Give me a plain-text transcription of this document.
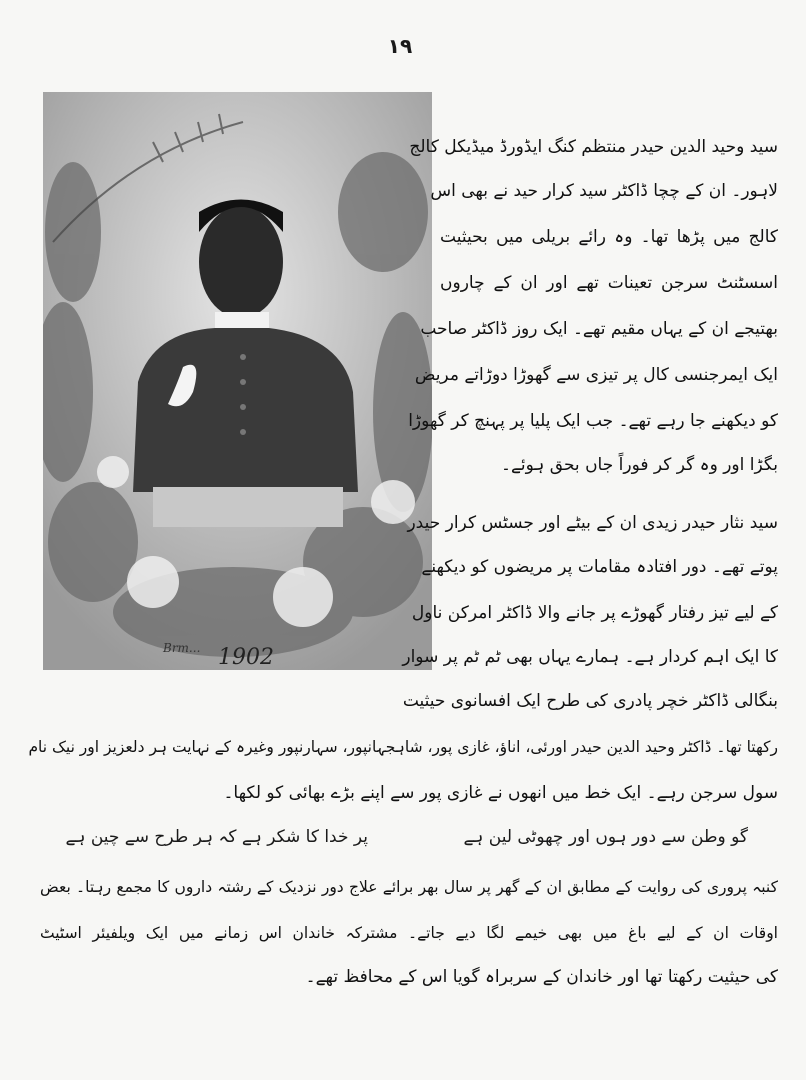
۱۹
1902
Brm...
سید وحید الدین حیدر منتظم کنگ ایڈورڈ میڈیکل کالج
لاہور۔ ان کے چچا ڈاکٹر سید کرار حید نے بھی اس
کالج میں پڑھا تھا۔ وہ رائے بریلی میں بحیثیت
اسسٹنٹ سرجن تعینات تھے اور ان کے چاروں
بھتیجے ان کے یہاں مقیم تھے۔ ایک روز ڈاکٹر صاحب
ایک ایمرجنسی کال پر تیزی سے گھوڑا دوڑاتے مریض
کو دیکھنے جا رہے تھے۔ جب ایک پلیا پر پہنچ کر گھوڑا
بگڑا اور وہ گر کر فوراً جاں بحق ہوئے۔
سید نثار حیدر زیدی ان کے بیٹے اور جسٹس کرار حیدر
پوتے تھے۔ دور افتادہ مقامات پر مریضوں کو دیکھنے
کے لیے تیز رفتار گھوڑے پر جانے والا ڈاکٹر امرکن ناول
کا ایک اہم کردار ہے۔ ہمارے یہاں بھی ٹم ٹم پر سوار
بنگالی ڈاکٹر خچر پادری کی طرح ایک افسانوی حیثیت
رکھتا تھا۔ ڈاکٹر وحید الدین حیدر اورئی، اناؤ، غازی پور، شاہجہانپور، سہارنپور وغیرہ کے نہایت ہر دلعزیز اور نیک نام
سول سرجن رہے۔ ایک خط میں انھوں نے غازی پور سے اپنے بڑے بھائی کو لکھا۔
پر خدا کا شکر ہے کہ ہر طرح سے چین ہے	گو وطن سے دور ہوں اور چھوٹی لین ہے
کنبہ پروری کی روایت کے مطابق ان کے گھر پر سال بھر برائے علاج دور نزدیک کے رشتہ داروں کا مجمع رہتا۔ بعض
اوقات ان کے لیے باغ میں بھی خیمے لگا دیے جاتے۔ مشترکہ خاندان اس زمانے میں ایک ویلفیئر اسٹیٹ
کی حیثیت رکھتا تھا اور خاندان کے سربراہ گویا اس کے محافظ تھے۔
